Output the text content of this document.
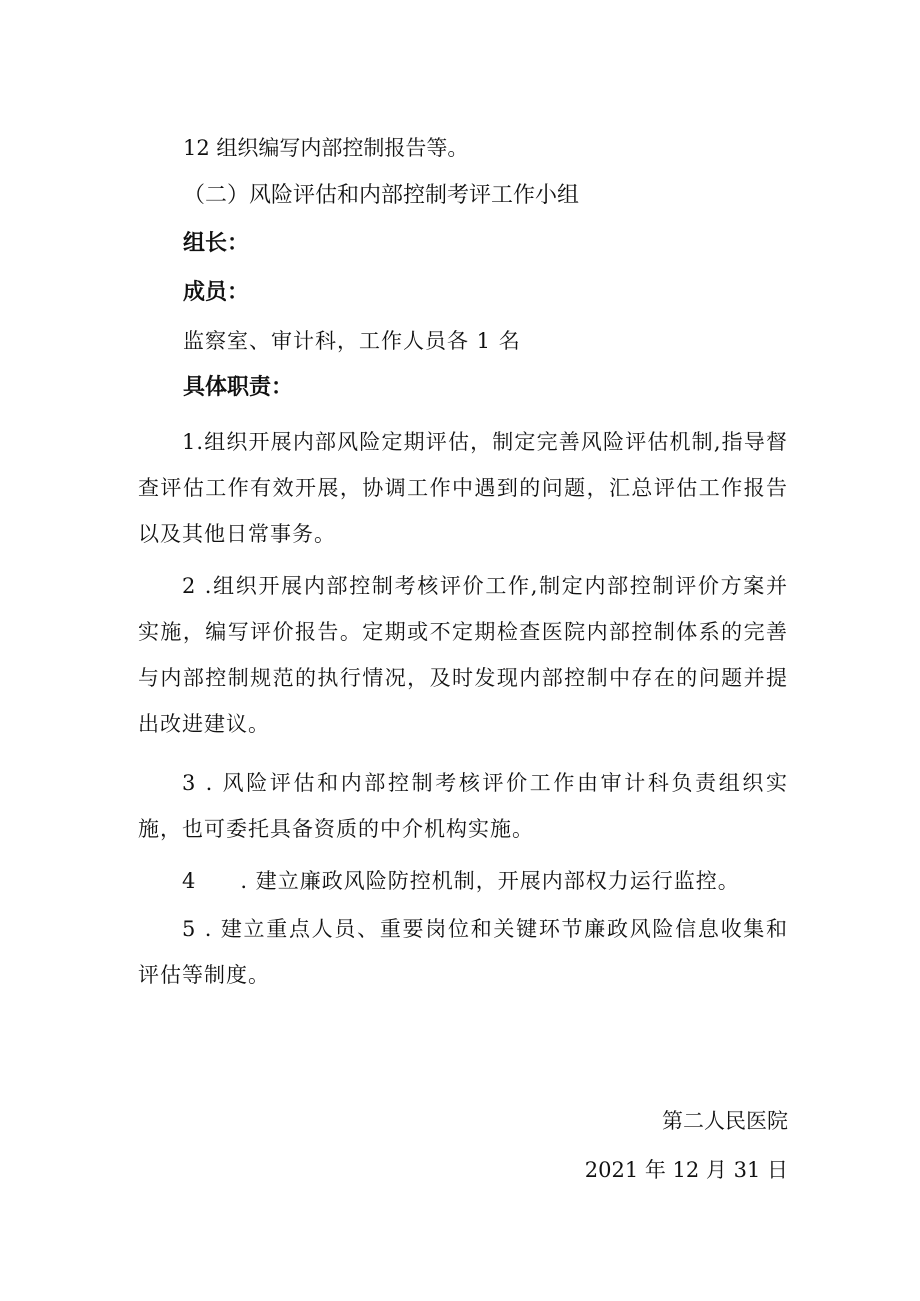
12 组织编写内部控制报告等。
（二）风险评估和内部控制考评工作小组
组长：
成员：
监察室、审计科，工作人员各 1 名
具体职责：
1.组织开展内部风险定期评估，制定完善风险评估机制,指导督查评估工作有效开展，协调工作中遇到的问题，汇总评估工作报告以及其他日常事务。
2 .组织开展内部控制考核评价工作,制定内部控制评价方案并实施，编写评价报告。定期或不定期检查医院内部控制体系的完善与内部控制规范的执行情况，及时发现内部控制中存在的问题并提出改进建议。
3 . 风险评估和内部控制考核评价工作由审计科负责组织实施，也可委托具备资质的中介机构实施。
4　　. 建立廉政风险防控机制，开展内部权力运行监控。
5 . 建立重点人员、重要岗位和关键环节廉政风险信息收集和评估等制度。
第二人民医院
2021 年 12 月 31 日
